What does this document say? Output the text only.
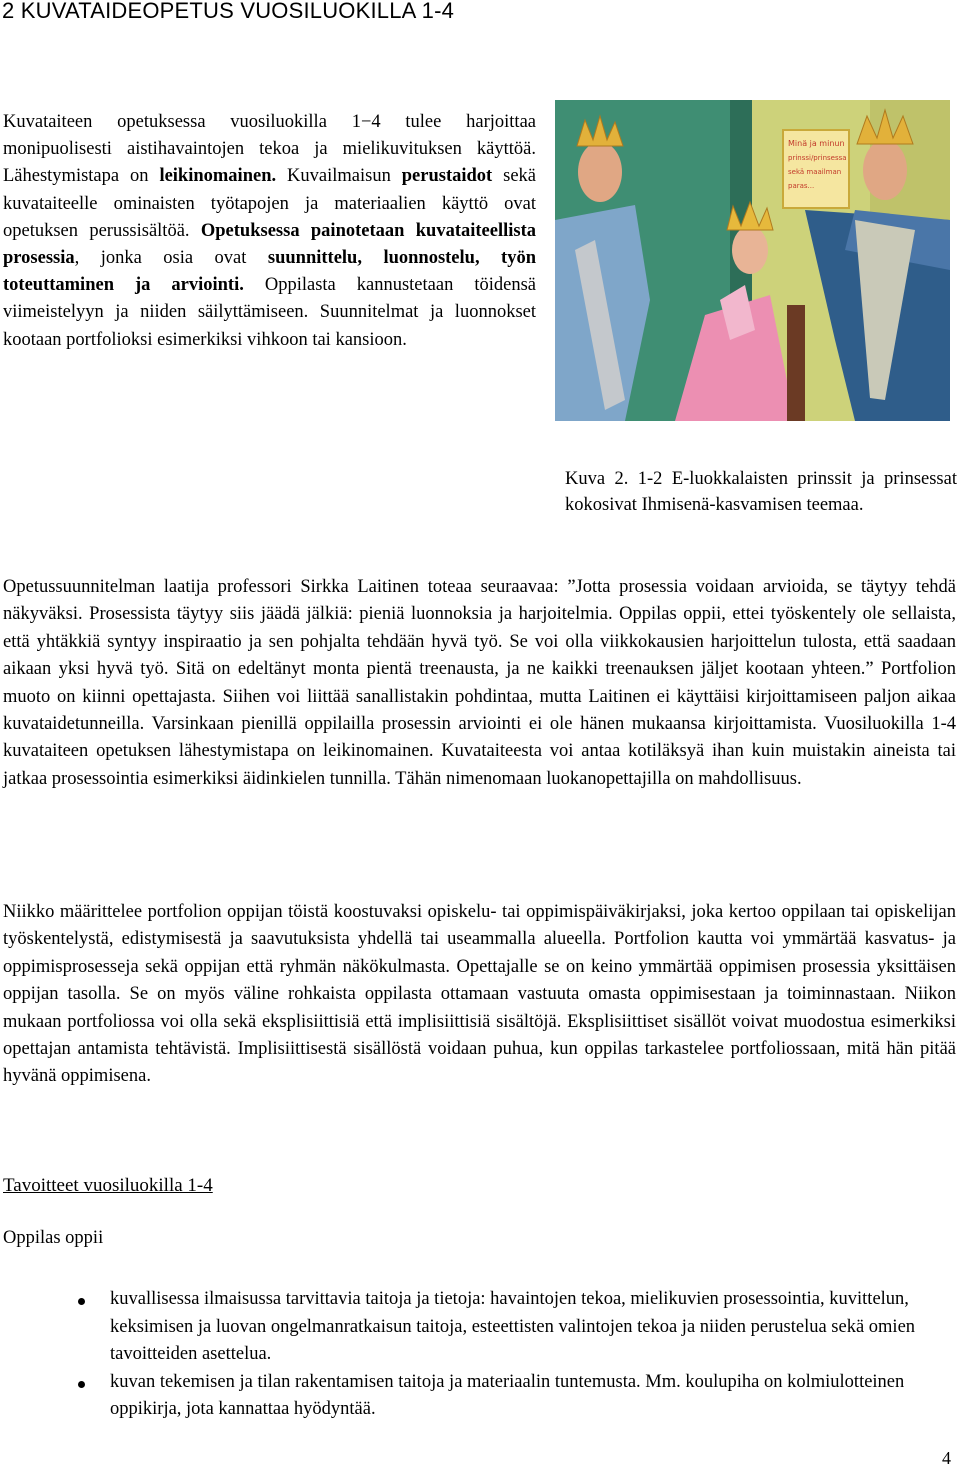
2 KUVATAIDEOPETUS VUOSILUOKILLA 1-4

Kuvataiteen opetuksessa vuosiluokilla 1−4 tulee harjoittaa monipuolisesti aistihavaintojen tekoa ja mielikuvituksen käyttöä. Lähestymistapa on leikinomainen. Kuvailmaisun perustaidot sekä kuvataiteelle ominaisten työtapojen ja materiaalien käyttö ovat opetuksen perussisältöä. Opetuksessa painotetaan kuvataiteellista prosessia, jonka osia ovat suunnittelu, luonnostelu, työn toteuttaminen ja arviointi. Oppilasta kannustetaan töidensä viimeistelyyn ja niiden säilyttämiseen. Suunnitelmat ja luonnokset kootaan portfolioksi esimerkiksi vihkoon tai kansioon.

Minä ja minun
prinssi/prinsessa
sekä maailman
paras...

Kuva 2. 1-2 E-luokkalaisten prinssit ja prinsessat kokosivat Ihmisenä-kasvamisen teemaa.

Opetussuunnitelman laatija professori Sirkka Laitinen toteaa seuraavaa: ”Jotta prosessia voidaan arvioida, se täytyy tehdä näkyväksi. Prosessista täytyy siis jäädä jälkiä: pieniä luonnoksia ja harjoitelmia. Oppilas oppii, ettei työskentely ole sellaista, että yhtäkkiä syntyy inspiraatio ja sen pohjalta tehdään hyvä työ. Se voi olla viikkokausien harjoittelun tulosta, että saadaan aikaan yksi hyvä työ. Sitä on edeltänyt monta pientä treenausta, ja ne kaikki treenauksen jäljet kootaan yhteen.” Portfolion muoto on kiinni opettajasta. Siihen voi liittää sanallistakin pohdintaa, mutta Laitinen ei käyttäisi kirjoittamiseen paljon aikaa kuvataidetunneilla. Varsinkaan pienillä oppilailla prosessin arviointi ei ole hänen mukaansa kirjoittamista. Vuosiluokilla 1-4 kuvataiteen opetuksen lähestymistapa on leikinomainen. Kuvataiteesta voi antaa kotiläksyä ihan kuin muistakin aineista tai jatkaa prosessointia esimerkiksi äidinkielen tunnilla. Tähän nimenomaan luokanopettajilla on mahdollisuus.

Niikko määrittelee portfolion oppijan töistä koostuvaksi opiskelu- tai oppimispäiväkirjaksi, joka kertoo oppilaan tai opiskelijan työskentelystä, edistymisestä ja saavutuksista yhdellä tai useammalla alueella. Portfolion kautta voi ymmärtää kasvatus- ja oppimisprosesseja sekä oppijan että ryhmän näkökulmasta. Opettajalle se on keino ymmärtää oppimisen prosessia yksittäisen oppijan tasolla. Se on myös väline rohkaista oppilasta ottamaan vastuuta omasta oppimisestaan ja toiminnastaan. Niikon mukaan portfoliossa voi olla sekä eksplisiittisiä että implisiittisiä sisältöjä. Eksplisiittiset sisällöt voivat muodostua esimerkiksi opettajan antamista tehtävistä. Implisiittisestä sisällöstä voidaan puhua, kun oppilas tarkastelee portfoliossaan, mitä hän pitää hyvänä oppimisena.

Tavoitteet vuosiluokilla 1-4

Oppilas oppii

kuvallisessa ilmaisussa tarvittavia taitoja ja tietoja: havaintojen tekoa, mielikuvien prosessointia, kuvittelun, keksimisen ja luovan ongelmanratkaisun taitoja, esteettisten valintojen tekoa ja niiden perustelua sekä omien tavoitteiden asettelua.
kuvan tekemisen ja tilan rakentamisen taitoja ja materiaalin tuntemusta. Mm. koulupiha on kolmiulotteinen oppikirja, jota kannattaa hyödyntää.
4
